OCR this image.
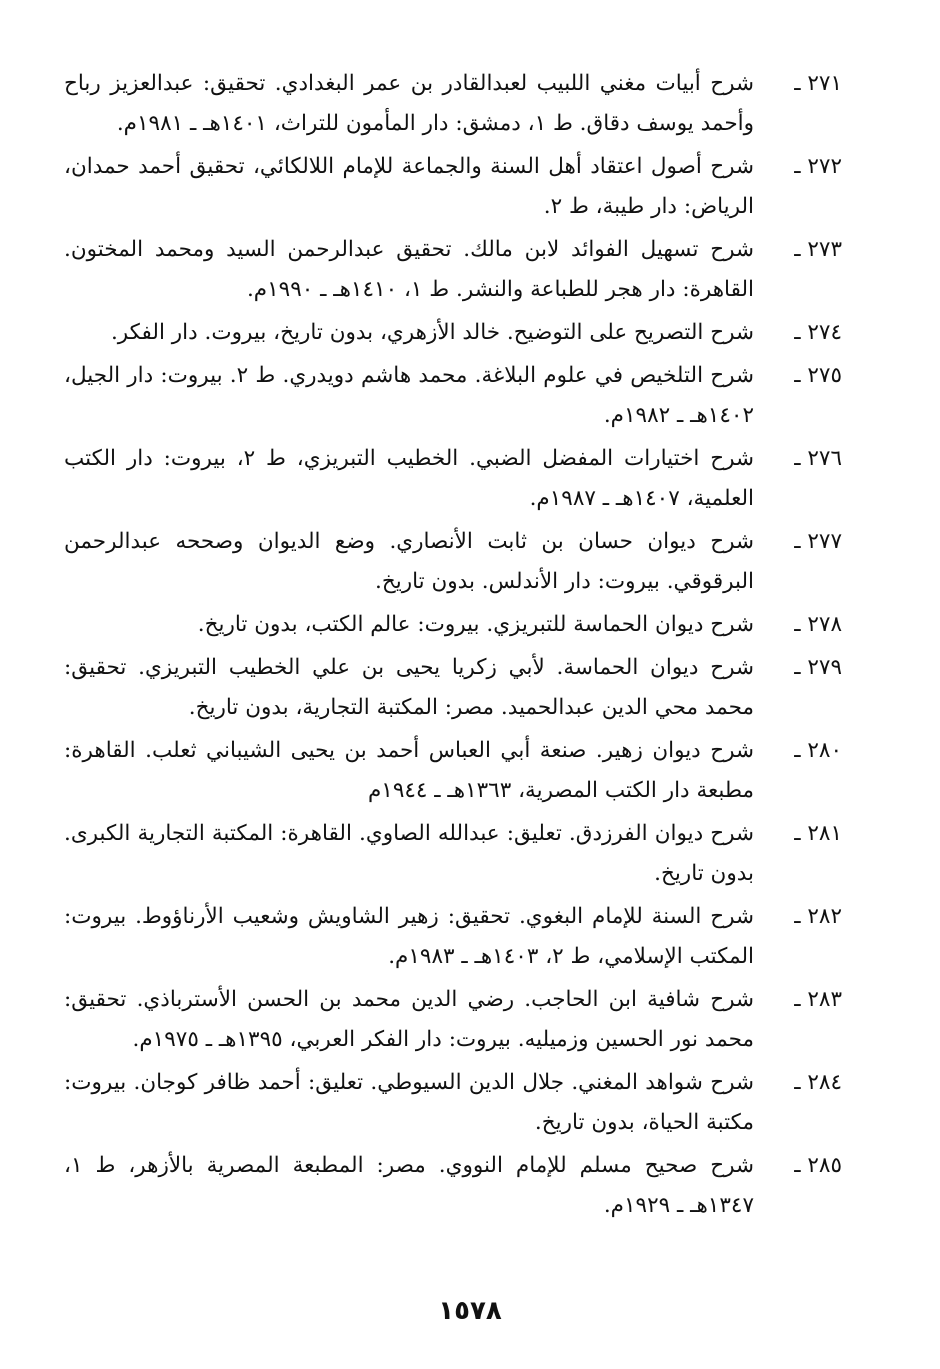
٢٧١ ـ
شرح أبيات مغني اللبيب لعبدالقادر بن عمر البغدادي. تحقيق: عبدالعزيز رباح وأحمد يوسف دقاق. ط ١، دمشق: دار المأمون للتراث، ١٤٠١هـ ـ ١٩٨١م.
٢٧٢ ـ
شرح أصول اعتقاد أهل السنة والجماعة للإمام اللالكائي، تحقيق أحمد حمدان، الرياض: دار طيبة، ط ٢.
٢٧٣ ـ
شرح تسهيل الفوائد لابن مالك. تحقيق عبدالرحمن السيد ومحمد المختون. القاهرة: دار هجر للطباعة والنشر. ط ١، ١٤١٠هـ ـ ١٩٩٠م.
٢٧٤ ـ
شرح التصريح على التوضيح. خالد الأزهري، بدون تاريخ، بيروت. دار الفكر.
٢٧٥ ـ
شرح التلخيص في علوم البلاغة. محمد هاشم دويدري. ط ٢. بيروت: دار الجيل، ١٤٠٢هـ ـ ١٩٨٢م.
٢٧٦ ـ
شرح اختيارات المفضل الضبي. الخطيب التبريزي، ط ٢، بيروت: دار الكتب العلمية، ١٤٠٧هـ ـ ١٩٨٧م.
٢٧٧ ـ
شرح ديوان حسان بن ثابت الأنصاري. وضع الديوان وصححه عبدالرحمن البرقوقي. بيروت: دار الأندلس. بدون تاريخ.
٢٧٨ ـ
شرح ديوان الحماسة للتبريزي. بيروت: عالم الكتب، بدون تاريخ.
٢٧٩ ـ
شرح ديوان الحماسة. لأبي زكريا يحيى بن علي الخطيب التبريزي. تحقيق: محمد محي الدين عبدالحميد. مصر: المكتبة التجارية، بدون تاريخ.
٢٨٠ ـ
شرح ديوان زهير. صنعة أبي العباس أحمد بن يحيى الشيباني ثعلب. القاهرة: مطبعة دار الكتب المصرية، ١٣٦٣هـ ـ ١٩٤٤م
٢٨١ ـ
شرح ديوان الفرزدق. تعليق: عبدالله الصاوي. القاهرة: المكتبة التجارية الكبرى. بدون تاريخ.
٢٨٢ ـ
شرح السنة للإمام البغوي. تحقيق: زهير الشاويش وشعيب الأرناؤوط. بيروت: المكتب الإسلامي، ط ٢، ١٤٠٣هـ ـ ١٩٨٣م.
٢٨٣ ـ
شرح شافية ابن الحاجب. رضي الدين محمد بن الحسن الأسترباذي. تحقيق: محمد نور الحسين وزميليه. بيروت: دار الفكر العربي، ١٣٩٥هـ ـ ١٩٧٥م.
٢٨٤ ـ
شرح شواهد المغني. جلال الدين السيوطي. تعليق: أحمد ظافر كوجان. بيروت: مكتبة الحياة، بدون تاريخ.
٢٨٥ ـ
شرح صحيح مسلم للإمام النووي. مصر: المطبعة المصرية بالأزهر، ط ١، ١٣٤٧هـ ـ ١٩٢٩م.
١٥٧٨
